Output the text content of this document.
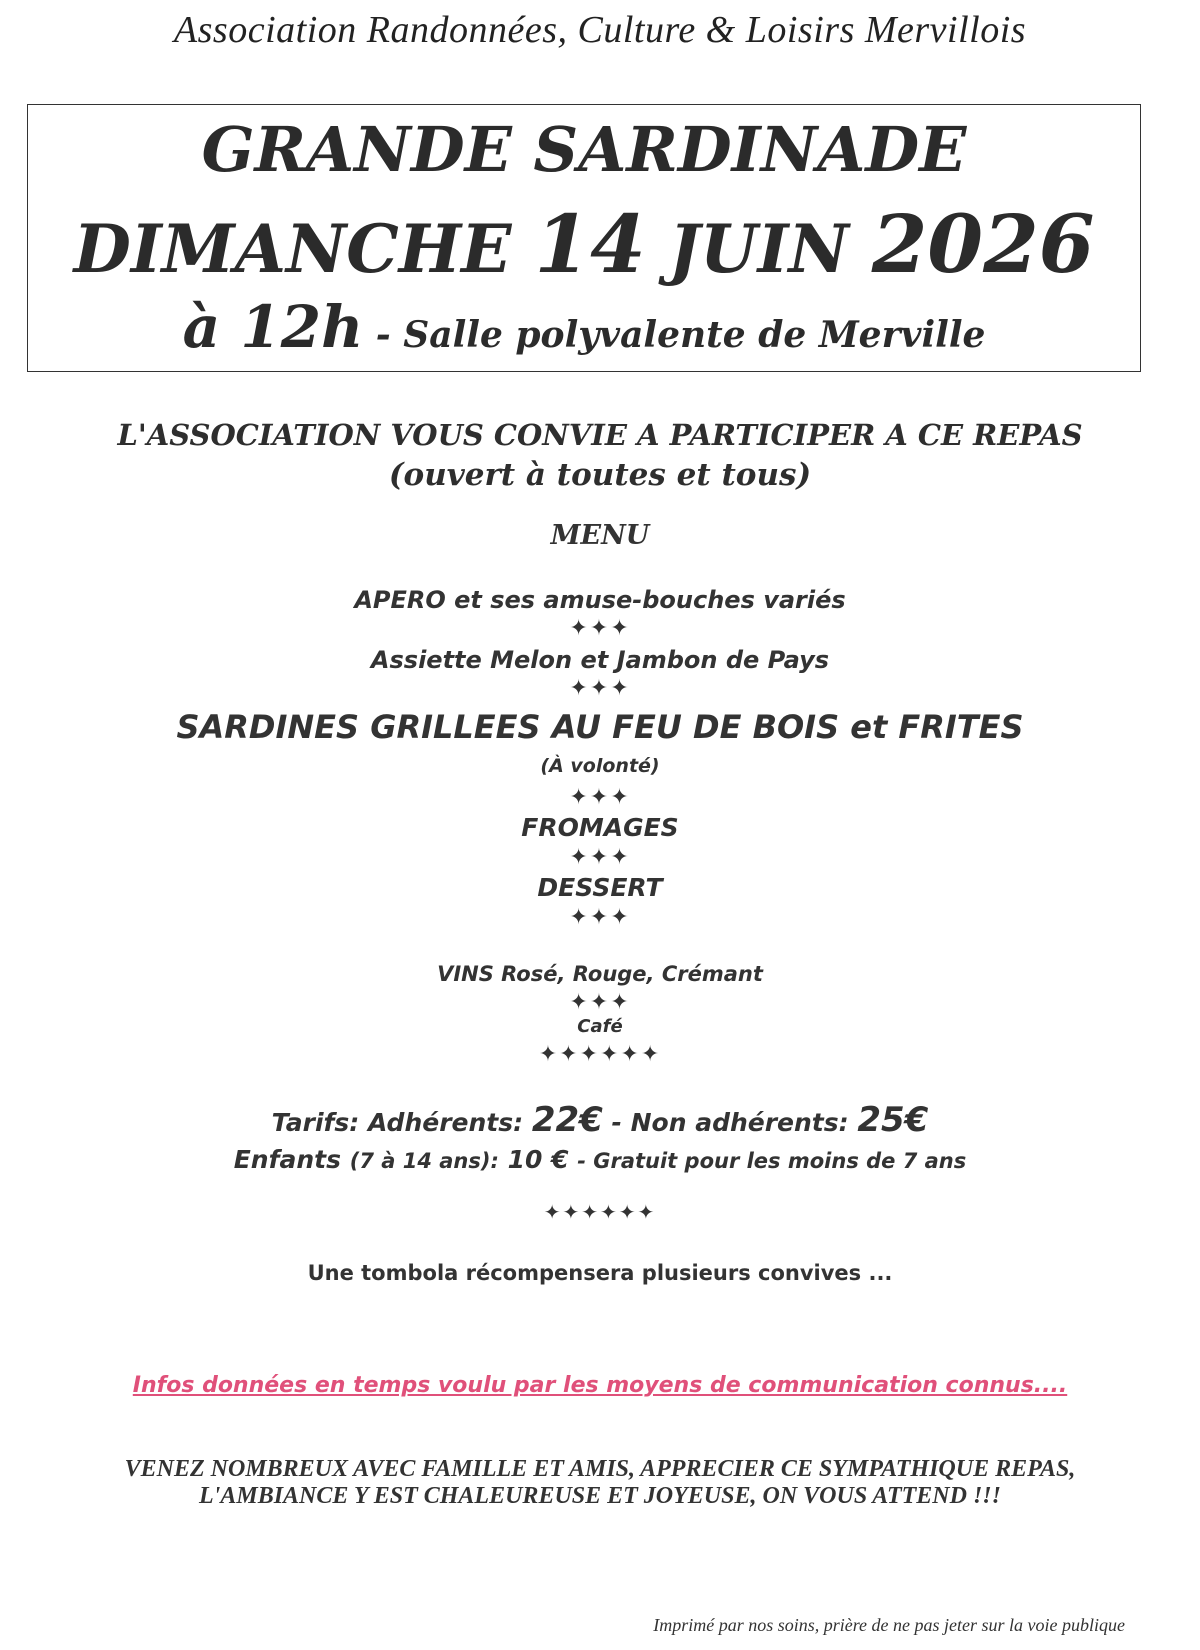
Association Randonnées, Culture & Loisirs Mervillois
GRANDE SARDINADE
DIMANCHE 14 JUIN 2026
à 12h - Salle polyvalente de Merville
L'ASSOCIATION VOUS CONVIE A PARTICIPER A CE REPAS
(ouvert à toutes et tous)
MENU
APERO et ses amuse-bouches variés
✦✦✦
Assiette Melon et Jambon de Pays
✦✦✦
SARDINES GRILLEES AU FEU DE BOIS et FRITES
(À volonté)
✦✦✦
FROMAGES
✦✦✦
DESSERT
✦✦✦
VINS Rosé, Rouge, Crémant
✦✦✦
Café
✦✦✦✦✦✦
Tarifs: Adhérents: 22€ - Non adhérents: 25€
Enfants (7 à 14 ans): 10 € - Gratuit pour les moins de 7 ans
✦✦✦✦✦✦
Une tombola récompensera plusieurs convives ...
Infos données en temps voulu par les moyens de communication connus....
VENEZ NOMBREUX AVEC FAMILLE ET AMIS, APPRECIER CE SYMPATHIQUE REPAS,
L'AMBIANCE Y EST CHALEUREUSE ET JOYEUSE, ON VOUS ATTEND !!!
Imprimé par nos soins, prière de ne pas jeter sur la voie publique
